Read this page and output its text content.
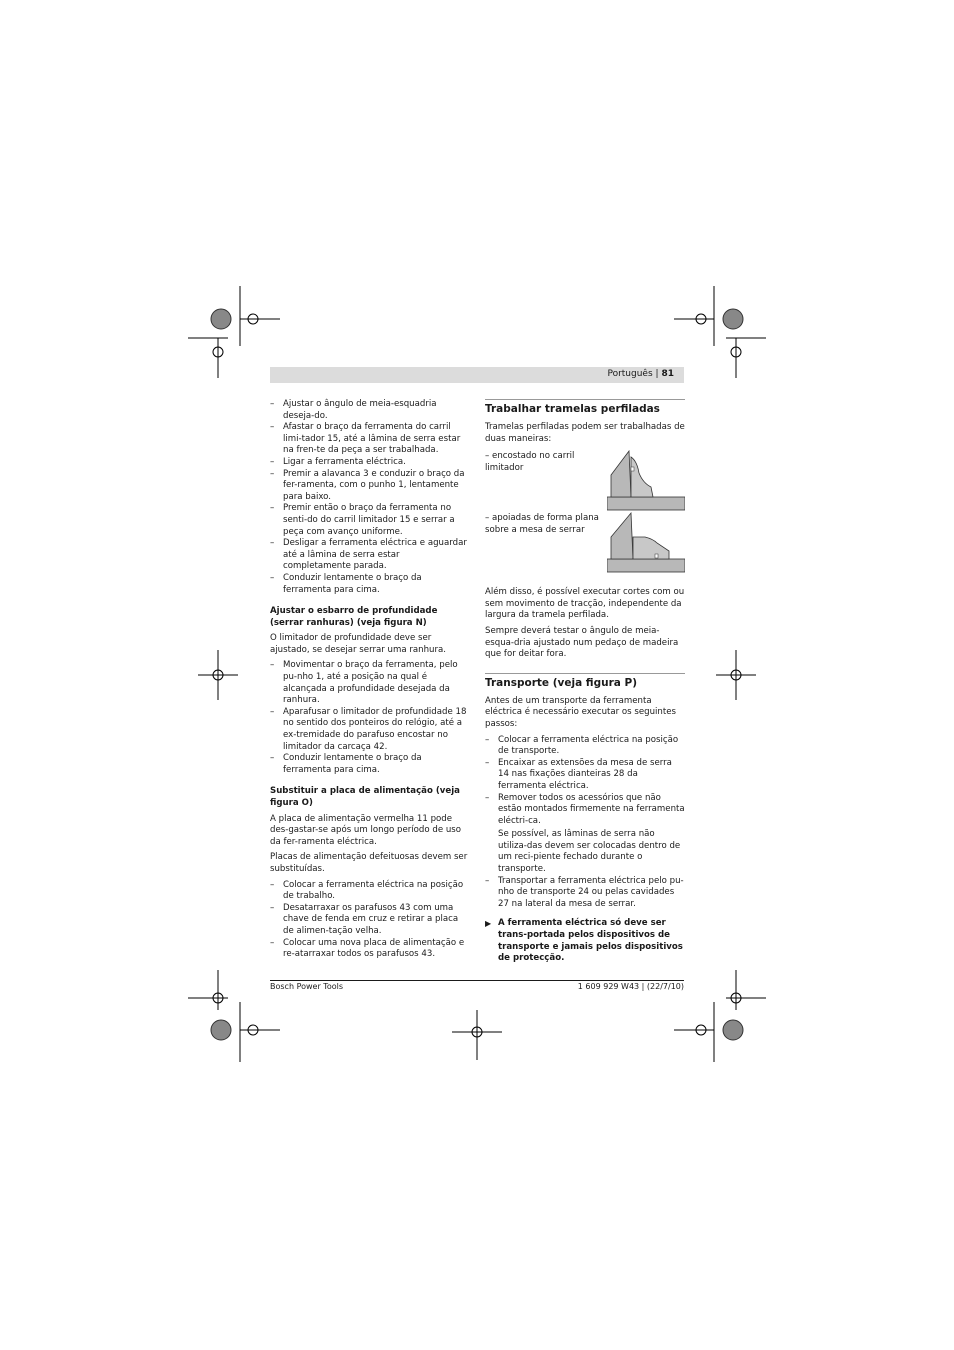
Português | 81
–	Ajustar o ângulo de meia-esquadria deseja-do.
–	Afastar o braço da ferramenta do carril limi-tador 15, até a lâmina de serra estar na fren-te da peça a ser trabalhada.
–	Ligar a ferramenta eléctrica.
–	Premir a alavanca 3 e conduzir o braço da fer-ramenta, com o punho 1, lentamente para baixo.
–	Premir então o braço da ferramenta no senti-do do carril limitador 15 e serrar a peça com avanço uniforme.
–	Desligar a ferramenta eléctrica e aguardar até a lâmina de serra estar completamente parada.
–	Conduzir lentamente o braço da ferramenta para cima.
Ajustar o esbarro de profundidade (serrar ranhuras) (veja figura N)

O limitador de profundidade deve ser ajustado, se desejar serrar uma ranhura.

–	Movimentar o braço da ferramenta, pelo pu-nho 1, até a posição na qual é alcançada a profundidade desejada da ranhura.
–	Aparafusar o limitador de profundidade 18 no sentido dos ponteiros do relógio, até a ex-tremidade do parafuso encostar no limitador da carcaça 42.
–	Conduzir lentamente o braço da ferramenta para cima.
Substituir a placa de alimentação (veja figura O)

A placa de alimentação vermelha 11 pode des-gastar-se após um longo período de uso da fer-ramenta eléctrica.

Placas de alimentação defeituosas devem ser substituídas.

–	Colocar a ferramenta eléctrica na posição de trabalho.
–	Desatarraxar os parafusos 43 com uma chave de fenda em cruz e retirar a placa de alimen-tação velha.
–	Colocar uma nova placa de alimentação e re-atarraxar todos os parafusos 43.
Trabalhar tramelas perfiladas

Tramelas perfiladas podem ser trabalhadas de duas maneiras:

– encostado no carril limitador
– apoiadas de forma plana sobre a mesa de serrar

Além disso, é possível executar cortes com ou sem movimento de tracção, independente da largura da tramela perfilada.

Sempre deverá testar o ângulo de meia-esqua-dria ajustado num pedaço de madeira que for deitar fora.

Transporte (veja figura P)

Antes de um transporte da ferramenta eléctrica é necessário executar os seguintes passos:

–	Colocar a ferramenta eléctrica na posição de transporte.
–	Encaixar as extensões da mesa de serra 14 nas fixações dianteiras 28 da ferramenta eléctrica.
–	Remover todos os acessórios que não estão montados firmemente na ferramenta eléctri-ca.
Se possível, as lâminas de serra não utiliza-das devem ser colocadas dentro de um reci-piente fechado durante o transporte.
–	Transportar a ferramenta eléctrica pelo pu-nho de transporte 24 ou pelas cavidades 27 na lateral da mesa de serrar.
▶ A ferramenta eléctrica só deve ser trans-portada pelos dispositivos de transporte e jamais pelos dispositivos de protecção.
Bosch Power Tools	1 609 929 W43 | (22/7/10)
